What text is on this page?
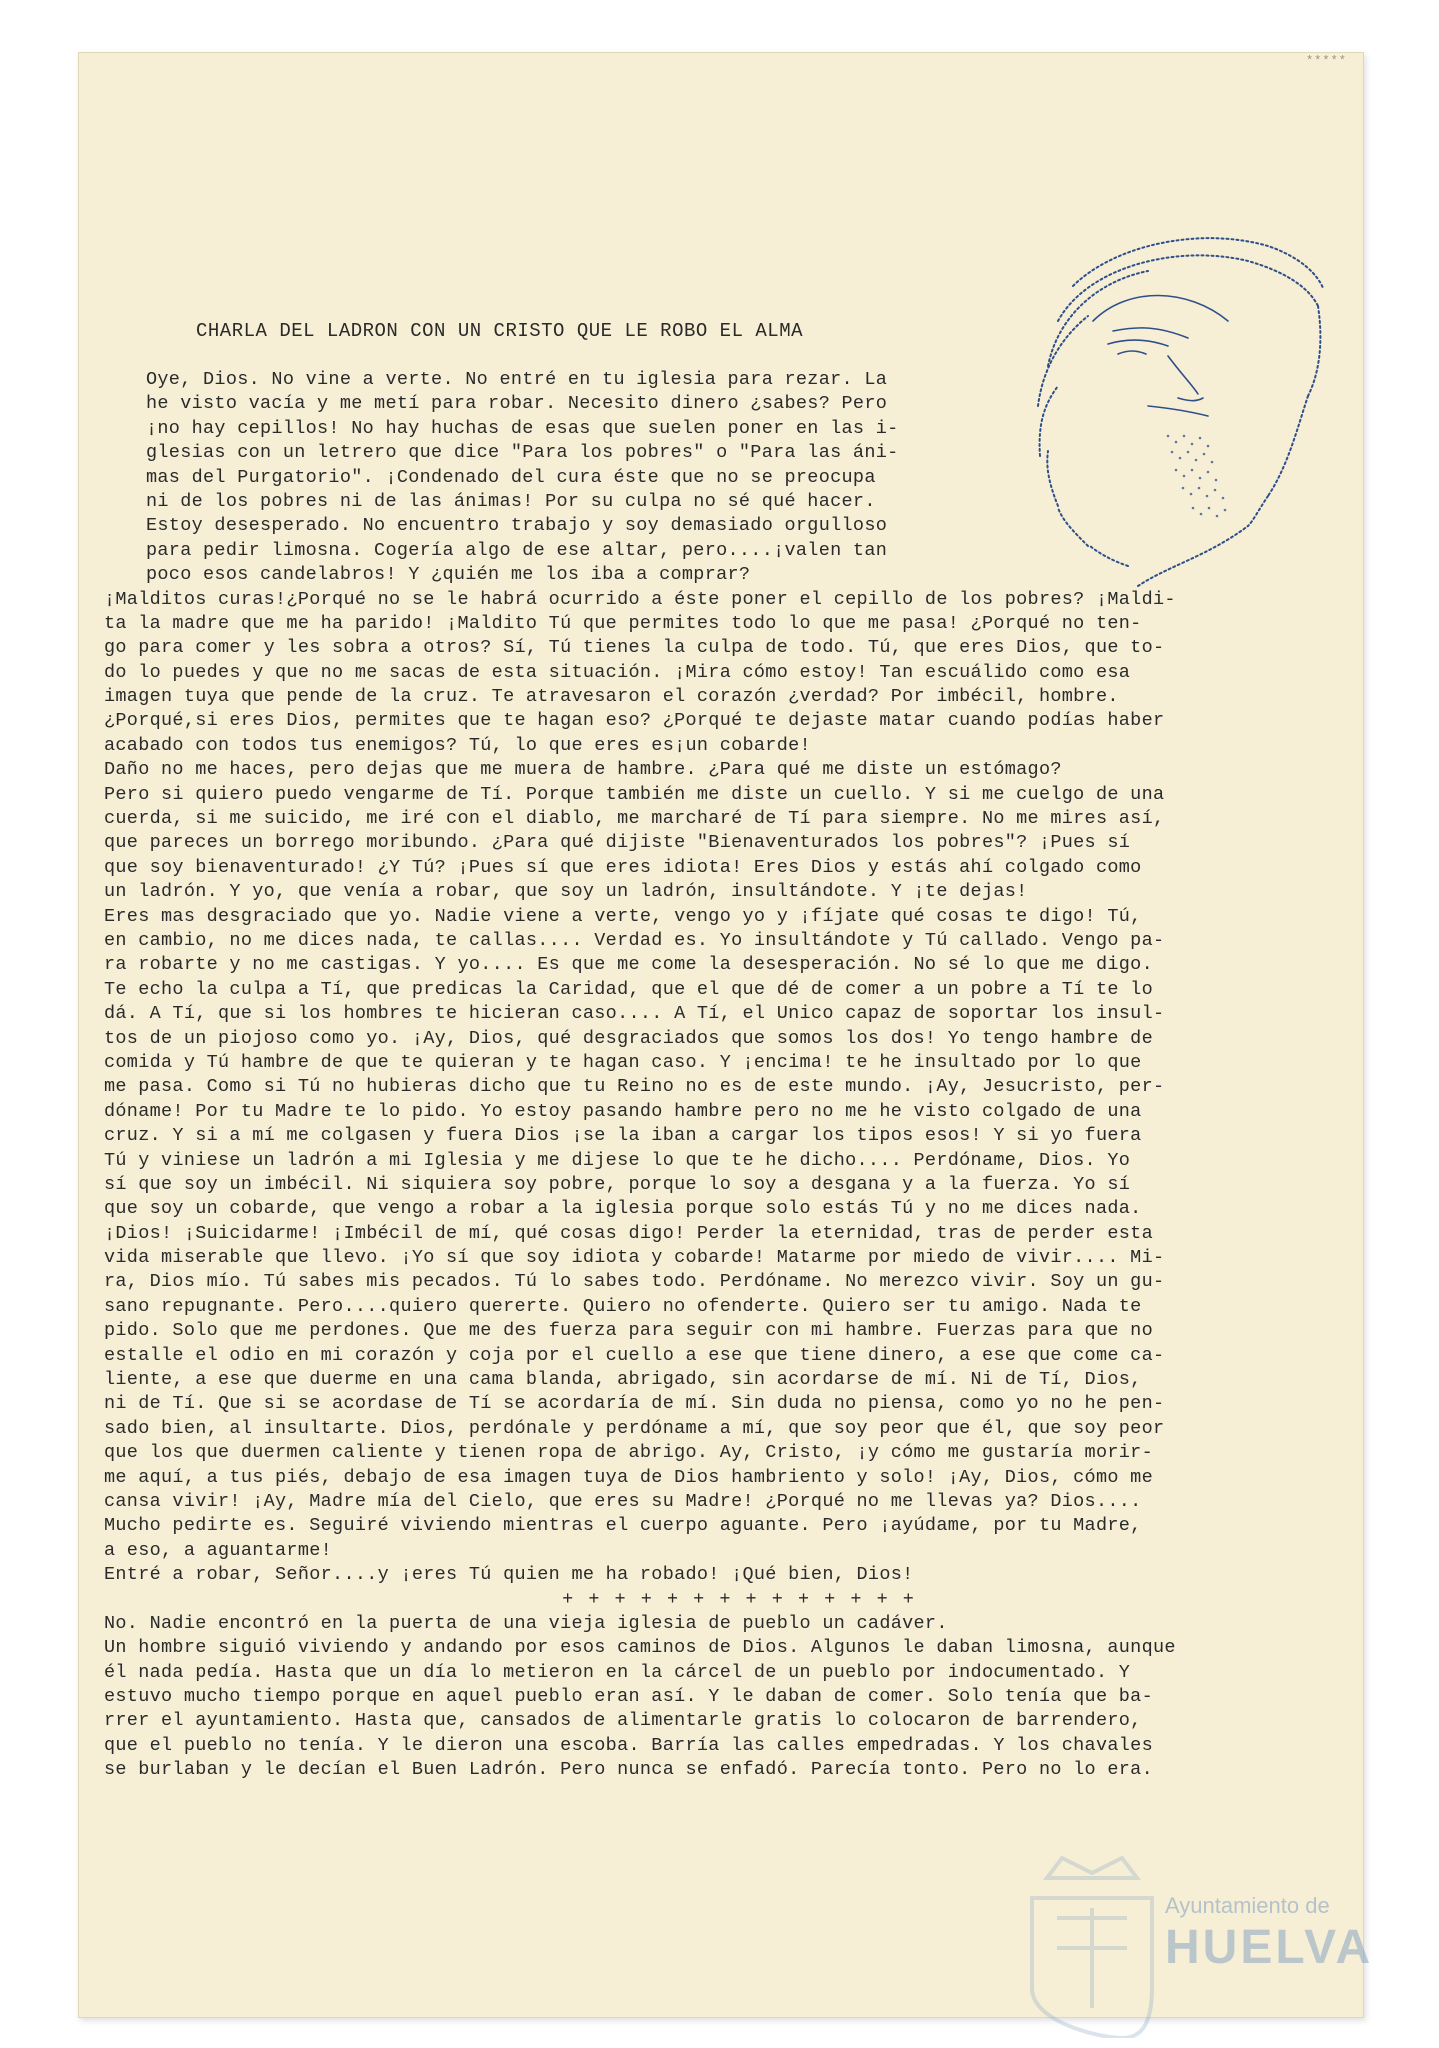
*****
CHARLA DEL LADRON CON UN CRISTO QUE LE ROBO EL ALMA
Oye, Dios. No vine a verte. No entré en tu iglesia para rezar. La
he visto vacía y me metí para robar. Necesito dinero ¿sabes? Pero
¡no hay cepillos! No hay huchas de esas que suelen poner en las i-
glesias con un letrero que dice "Para los pobres" o "Para las áni-
mas del Purgatorio". ¡Condenado del cura éste que no se preocupa
ni de los pobres ni de las ánimas! Por su culpa no sé qué hacer.
Estoy desesperado. No encuentro trabajo y soy demasiado orgulloso
para pedir limosna. Cogería algo de ese altar, pero....¡valen tan
poco esos candelabros! Y ¿quién me los iba a comprar?
¡Malditos curas!¿Porqué no se le habrá ocurrido a éste poner el cepillo de los pobres? ¡Maldi-
ta la madre que me ha parido! ¡Maldito Tú que permites todo lo que me pasa! ¿Porqué no ten-
go para comer y les sobra a otros? Sí, Tú tienes la culpa de todo. Tú, que eres Dios, que to-
do lo puedes y que no me sacas de esta situación. ¡Mira cómo estoy! Tan escuálido como esa
imagen tuya que pende de la cruz. Te atravesaron el corazón ¿verdad? Por imbécil, hombre.
¿Porqué,si eres Dios, permites que te hagan eso? ¿Porqué te dejaste matar cuando podías haber
acabado con todos tus enemigos? Tú, lo que eres es¡un cobarde!
Daño no me haces, pero dejas que me muera de hambre. ¿Para qué me diste un estómago?
Pero si quiero puedo vengarme de Tí. Porque también me diste un cuello. Y si me cuelgo de una
cuerda, si me suicido, me iré con el diablo, me marcharé de Tí para siempre. No me mires así,
que pareces un borrego moribundo. ¿Para qué dijiste "Bienaventurados los pobres"? ¡Pues sí
que soy bienaventurado! ¿Y Tú? ¡Pues sí que eres idiota! Eres Dios y estás ahí colgado como
un ladrón. Y yo, que venía a robar, que soy un ladrón, insultándote. Y ¡te dejas!
Eres mas desgraciado que yo. Nadie viene a verte, vengo yo y ¡fíjate qué cosas te digo! Tú,
en cambio, no me dices nada, te callas.... Verdad es. Yo insultándote y Tú callado. Vengo pa-
ra robarte y no me castigas. Y yo.... Es que me come la desesperación. No sé lo que me digo.
Te echo la culpa a Tí, que predicas la Caridad, que el que dé de comer a un pobre a Tí te lo
dá. A Tí, que si los hombres te hicieran caso.... A Tí, el Unico capaz de soportar los insul-
tos de un piojoso como yo. ¡Ay, Dios, qué desgraciados que somos los dos! Yo tengo hambre de
comida y Tú hambre de que te quieran y te hagan caso. Y ¡encima! te he insultado por lo que
me pasa. Como si Tú no hubieras dicho que tu Reino no es de este mundo. ¡Ay, Jesucristo, per-
dóname! Por tu Madre te lo pido. Yo estoy pasando hambre pero no me he visto colgado de una
cruz. Y si a mí me colgasen y fuera Dios ¡se la iban a cargar los tipos esos! Y si yo fuera
Tú y viniese un ladrón a mi Iglesia y me dijese lo que te he dicho.... Perdóname, Dios. Yo
sí que soy un imbécil. Ni siquiera soy pobre, porque lo soy a desgana y a la fuerza. Yo sí
que soy un cobarde, que vengo a robar a la iglesia porque solo estás Tú y no me dices nada.
¡Dios! ¡Suicidarme! ¡Imbécil de mí, qué cosas digo! Perder la eternidad, tras de perder esta
vida miserable que llevo. ¡Yo sí que soy idiota y cobarde! Matarme por miedo de vivir.... Mi-
ra, Dios mío. Tú sabes mis pecados. Tú lo sabes todo. Perdóname. No merezco vivir. Soy un gu-
sano repugnante. Pero....quiero quererte. Quiero no ofenderte. Quiero ser tu amigo. Nada te
pido. Solo que me perdones. Que me des fuerza para seguir con mi hambre. Fuerzas para que no
estalle el odio en mi corazón y coja por el cuello a ese que tiene dinero, a ese que come ca-
liente, a ese que duerme en una cama blanda, abrigado, sin acordarse de mí. Ni de Tí, Dios,
ni de Tí. Que si se acordase de Tí se acordaría de mí. Sin duda no piensa, como yo no he pen-
sado bien, al insultarte. Dios, perdónale y perdóname a mí, que soy peor que él, que soy peor
que los que duermen caliente y tienen ropa de abrigo. Ay, Cristo, ¡y cómo me gustaría morir-
me aquí, a tus piés, debajo de esa imagen tuya de Dios hambriento y solo! ¡Ay, Dios, cómo me
cansa vivir! ¡Ay, Madre mía del Cielo, que eres su Madre! ¿Porqué no me llevas ya? Dios....
Mucho pedirte es. Seguiré viviendo mientras el cuerpo aguante. Pero ¡ayúdame, por tu Madre,
a eso, a aguantarme!
Entré a robar, Señor....y ¡eres Tú quien me ha robado! ¡Qué bien, Dios!
+ + + + + + + + + + + + + +
No. Nadie encontró en la puerta de una vieja iglesia de pueblo un cadáver.
Un hombre siguió viviendo y andando por esos caminos de Dios. Algunos le daban limosna, aunque
él nada pedía. Hasta que un día lo metieron en la cárcel de un pueblo por indocumentado. Y
estuvo mucho tiempo porque en aquel pueblo eran así. Y le daban de comer. Solo tenía que ba-
rrer el ayuntamiento. Hasta que, cansados de alimentarle gratis lo colocaron de barrendero,
que el pueblo no tenía. Y le dieron una escoba. Barría las calles empedradas. Y los chavales
se burlaban y le decían el Buen Ladrón. Pero nunca se enfadó. Parecía tonto. Pero no lo era.
Ayuntamiento de
HUELVA
